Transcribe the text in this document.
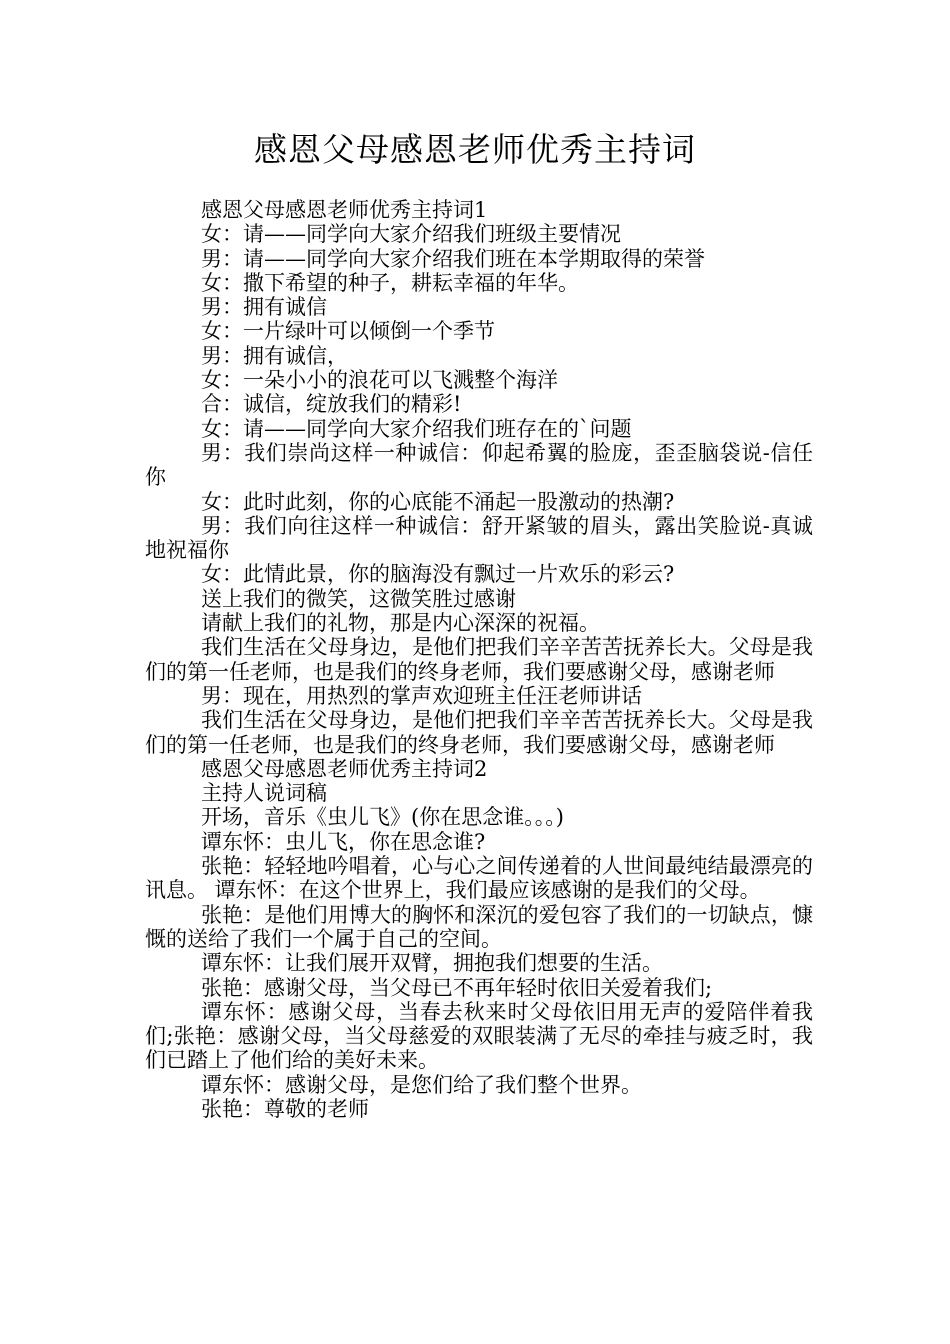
感恩父母感恩老师优秀主持词

感恩父母感恩老师优秀主持词1

女：请——同学向大家介绍我们班级主要情况

男：请——同学向大家介绍我们班在本学期取得的荣誉

女：撒下希望的种子，耕耘幸福的年华。

男：拥有诚信

女：一片绿叶可以倾倒一个季节

男：拥有诚信，

女：一朵小小的浪花可以飞溅整个海洋

合：诚信，绽放我们的精彩!

女：请——同学向大家介绍我们班存在的`问题

男：我们崇尚这样一种诚信：仰起希翼的脸庞，歪歪脑袋说-信任你

女：此时此刻，你的心底能不涌起一股激动的热潮?

男：我们向往这样一种诚信：舒开紧皱的眉头，露出笑脸说-真诚地祝福你

女：此情此景，你的脑海没有飘过一片欢乐的彩云?

送上我们的微笑，这微笑胜过感谢

请献上我们的礼物，那是内心深深的祝福。

我们生活在父母身边，是他们把我们辛辛苦苦抚养长大。父母是我们的第一任老师，也是我们的终身老师，我们要感谢父母，感谢老师

男：现在，用热烈的掌声欢迎班主任汪老师讲话

我们生活在父母身边，是他们把我们辛辛苦苦抚养长大。父母是我们的第一任老师，也是我们的终身老师，我们要感谢父母，感谢老师

感恩父母感恩老师优秀主持词2

主持人说词稿

开场，音乐《虫儿飞》(你在思念谁。。。)

谭东怀：虫儿飞，你在思念谁?

张艳：轻轻地吟唱着，心与心之间传递着的人世间最纯结最漂亮的讯息。 谭东怀：在这个世界上，我们最应该感谢的是我们的父母。

张艳：是他们用博大的胸怀和深沉的爱包容了我们的一切缺点，慷慨的送给了我们一个属于自己的空间。

谭东怀：让我们展开双臂，拥抱我们想要的生活。

张艳：感谢父母，当父母已不再年轻时依旧关爱着我们;

谭东怀：感谢父母，当春去秋来时父母依旧用无声的爱陪伴着我们;张艳：感谢父母，当父母慈爱的双眼装满了无尽的牵挂与疲乏时，我们已踏上了他们给的美好未来。

谭东怀：感谢父母，是您们给了我们整个世界。

张艳：尊敬的老师
